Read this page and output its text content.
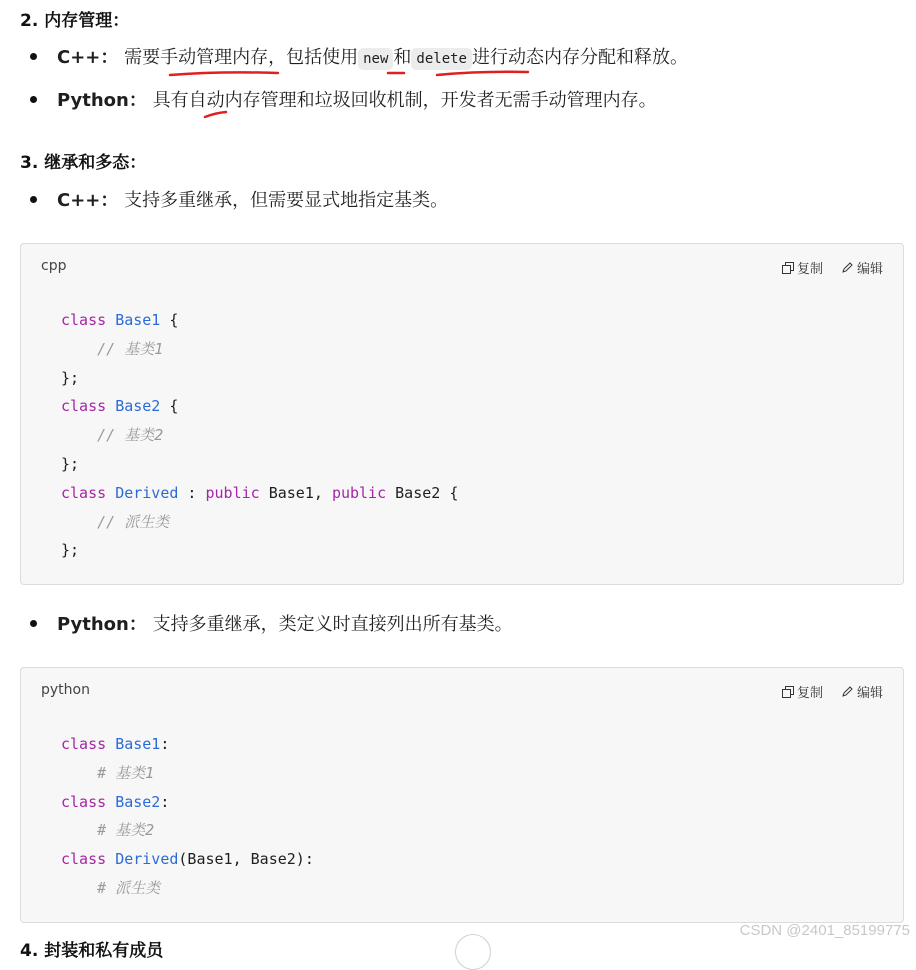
2. 内存管理：
C++： 需要手动管理内存，包括使用 new 和 delete 进行动态内存分配和释放。
Python： 具有自动内存管理和垃圾回收机制，开发者无需手动管理内存。
3. 继承和多态：
C++： 支持多重继承，但需要显式地指定基类。
cpp	复制	编辑
class Base1 {
// 基类1
};
class Base2 {
// 基类2
};
class Derived : public Base1, public Base2 {
// 派生类
};
Python： 支持多重继承，类定义时直接列出所有基类。
python	复制	编辑
class Base1:
# 基类1
class Base2:
# 基类2
class Derived(Base1, Base2):
# 派生类
4. 封装和私有成员
CSDN @2401_85199775
